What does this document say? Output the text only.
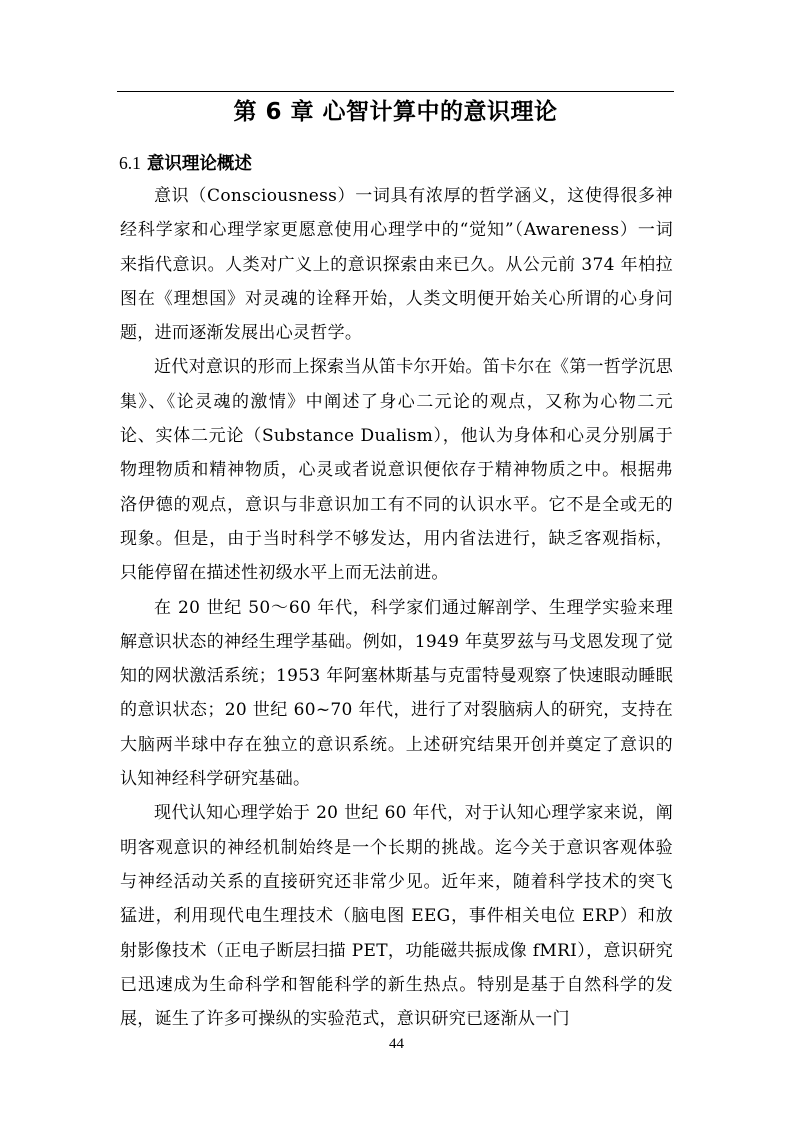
第 6 章 心智计算中的意识理论
6.1 意识理论概述

意识（Consciousness）一词具有浓厚的哲学涵义，这使得很多神经科学家和心理学家更愿意使用心理学中的“觉知”（Awareness）一词来指代意识。人类对广义上的意识探索由来已久。从公元前 374 年柏拉图在《理想国》对灵魂的诠释开始，人类文明便开始关心所谓的心身问题，进而逐渐发展出心灵哲学。

近代对意识的形而上探索当从笛卡尔开始。笛卡尔在《第一哲学沉思集》、《论灵魂的激情》中阐述了身心二元论的观点，又称为心物二元论、实体二元论（Substance Dualism），他认为身体和心灵分别属于物理物质和精神物质，心灵或者说意识便依存于精神物质之中。根据弗洛伊德的观点，意识与非意识加工有不同的认识水平。它不是全或无的现象。但是，由于当时科学不够发达，用内省法进行，缺乏客观指标，只能停留在描述性初级水平上而无法前进。

在 20 世纪 50～60 年代，科学家们通过解剖学、生理学实验来理解意识状态的神经生理学基础。例如，1949 年莫罗兹与马戈恩发现了觉知的网状激活系统；1953 年阿塞林斯基与克雷特曼观察了快速眼动睡眠的意识状态；20 世纪 60~70 年代，进行了对裂脑病人的研究，支持在大脑两半球中存在独立的意识系统。上述研究结果开创并奠定了意识的认知神经科学研究基础。

现代认知心理学始于 20 世纪 60 年代，对于认知心理学家来说，阐明客观意识的神经机制始终是一个长期的挑战。迄今关于意识客观体验与神经活动关系的直接研究还非常少见。近年来，随着科学技术的突飞猛进，利用现代电生理技术（脑电图 EEG，事件相关电位 ERP）和放射影像技术（正电子断层扫描 PET，功能磁共振成像 fMRI），意识研究已迅速成为生命科学和智能科学的新生热点。特别是基于自然科学的发展，诞生了许多可操纵的实验范式，意识研究已逐渐从一门

44
